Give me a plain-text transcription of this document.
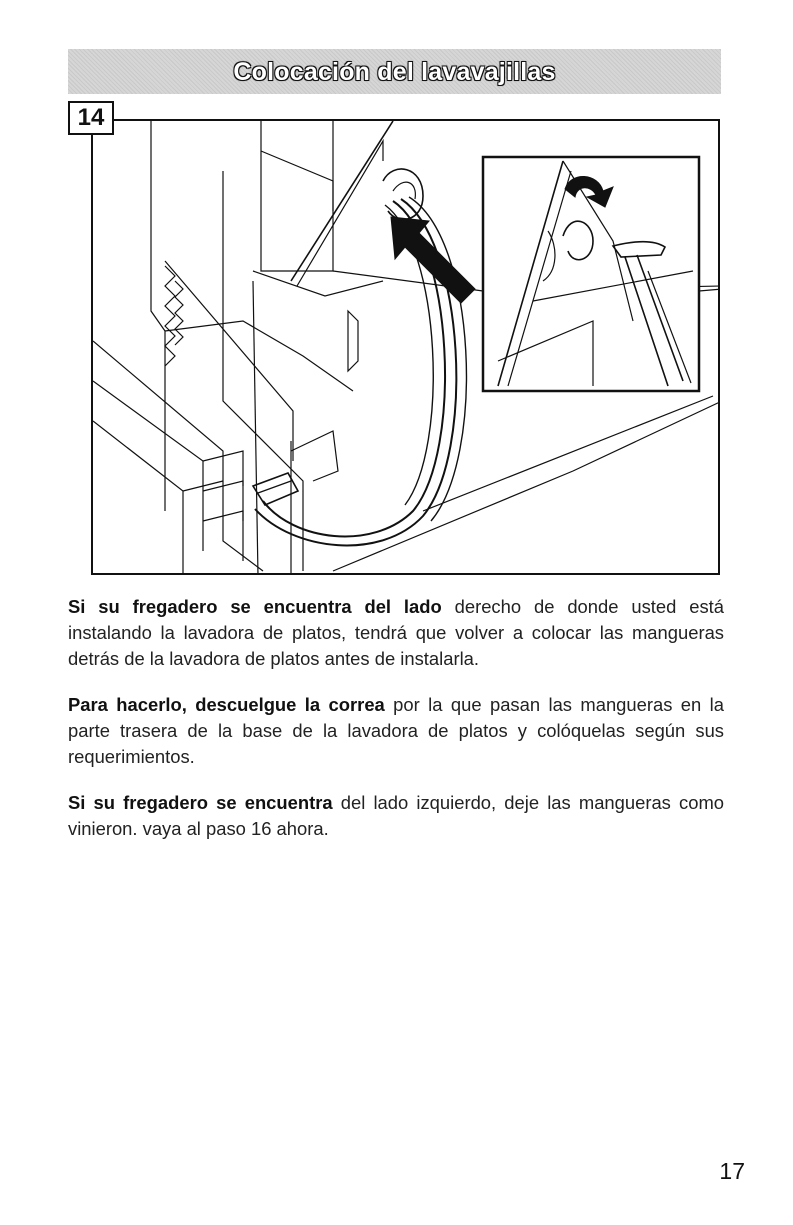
Colocación del lavavajillas
14

Si su fregadero se encuentra del lado derecho de donde usted está instalando la lavadora de platos, tendrá que volver a colocar las mangueras detrás de la lavadora de platos antes de instalarla.

Para hacerlo, descuelgue la correa por la que pasan las mangueras en la parte trasera de la base de la lavadora de platos y colóquelas según sus requerimientos.

Si su fregadero se encuentra del lado izquierdo, deje las mangueras como vinieron. vaya al paso 16 ahora.

17
